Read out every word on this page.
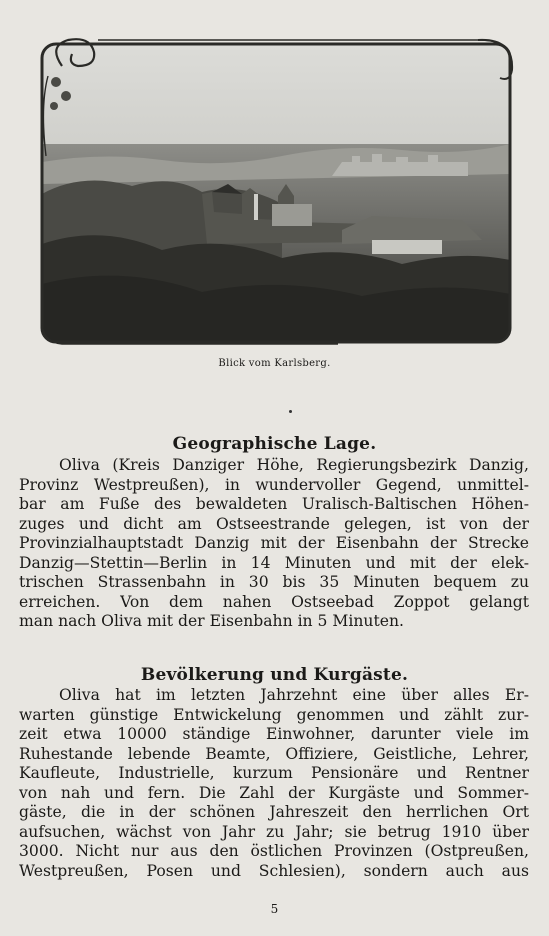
Blick vom Karlsberg.
Geographische Lage.
Oliva (Kreis Danziger Höhe, Regierungsbezirk Danzig,
Provinz Westpreußen), in wundervoller Gegend, unmittel-
bar am Fuße des bewaldeten Uralisch-Baltischen Höhen-
zuges und dicht am Ostseestrande gelegen, ist von der
Provinzialhauptstadt Danzig mit der Eisenbahn der Strecke
Danzig—Stettin—Berlin in 14 Minuten und mit der elek-
trischen Strassenbahn in 30 bis 35 Minuten bequem zu
erreichen. Von dem nahen Ostseebad Zoppot gelangt
man nach Oliva mit der Eisenbahn in 5 Minuten.
Bevölkerung und Kurgäste.
Oliva hat im letzten Jahrzehnt eine über alles Er-
warten günstige Entwickelung genommen und zählt zur-
zeit etwa 10000 ständige Einwohner, darunter viele im
Ruhestande lebende Beamte, Offiziere, Geistliche, Lehrer,
Kaufleute, Industrielle, kurzum Pensionäre und Rentner
von nah und fern. Die Zahl der Kurgäste und Sommer-
gäste, die in der schönen Jahreszeit den herrlichen Ort
aufsuchen, wächst von Jahr zu Jahr; sie betrug 1910 über
3000. Nicht nur aus den östlichen Provinzen (Ostpreußen,
Westpreußen, Posen und Schlesien), sondern auch aus
5
